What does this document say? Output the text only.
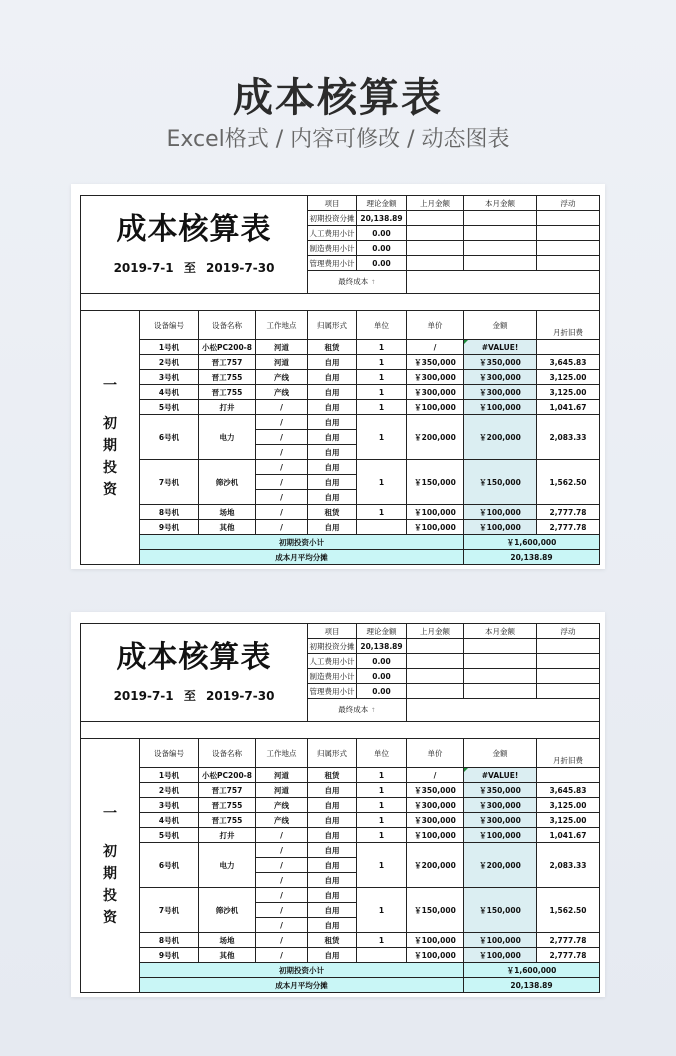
成本核算表
Excel格式 / 内容可修改 / 动态图表
成本核算表
2019-7-1 至 2019-7-30				项目	理论金额	上月金额	本月金额	浮动
				初期投资分摊	20,138.89			
				人工费用小计	0.00			
				制造费用小计	0.00			
				管理费用小计	0.00			
				最终成本 ↑				

一
初
期
投
资	设备编号	设备名称	工作地点	归属形式	单位	单价	金额	月折旧费
	1号机	小松PC200-8	河道	租赁	1	/	#VALUE!	
	2号机	晋工757	河道	自用	1	￥350,000	￥350,000	3,645.83
	3号机	晋工755	产线	自用	1	￥300,000	￥300,000	3,125.00
	4号机	晋工755	产线	自用	1	￥300,000	￥300,000	3,125.00
	5号机	打井	/	自用	1	￥100,000	￥100,000	1,041.67
	6号机	电力	/	自用	1	￥200,000	￥200,000	2,083.33
			/	自用				
			/	自用				
	7号机	筛沙机	/	自用	1	￥150,000	￥150,000	1,562.50
			/	自用				
			/	自用				
	8号机	场地	/	租赁	1	￥100,000	￥100,000	2,777.78
	9号机	其他	/	自用		￥100,000	￥100,000	2,777.78
	初期投资小计						￥1,600,000	
	成本月平均分摊						20,138.89	
成本核算表
2019-7-1 至 2019-7-30				项目	理论金额	上月金额	本月金额	浮动
				初期投资分摊	20,138.89			
				人工费用小计	0.00			
				制造费用小计	0.00			
				管理费用小计	0.00			
				最终成本 ↑				

一
初
期
投
资	设备编号	设备名称	工作地点	归属形式	单位	单价	金额	月折旧费
	1号机	小松PC200-8	河道	租赁	1	/	#VALUE!	
	2号机	晋工757	河道	自用	1	￥350,000	￥350,000	3,645.83
	3号机	晋工755	产线	自用	1	￥300,000	￥300,000	3,125.00
	4号机	晋工755	产线	自用	1	￥300,000	￥300,000	3,125.00
	5号机	打井	/	自用	1	￥100,000	￥100,000	1,041.67
	6号机	电力	/	自用	1	￥200,000	￥200,000	2,083.33
			/	自用				
			/	自用				
	7号机	筛沙机	/	自用	1	￥150,000	￥150,000	1,562.50
			/	自用				
			/	自用				
	8号机	场地	/	租赁	1	￥100,000	￥100,000	2,777.78
	9号机	其他	/	自用		￥100,000	￥100,000	2,777.78
	初期投资小计						￥1,600,000	
	成本月平均分摊						20,138.89	
